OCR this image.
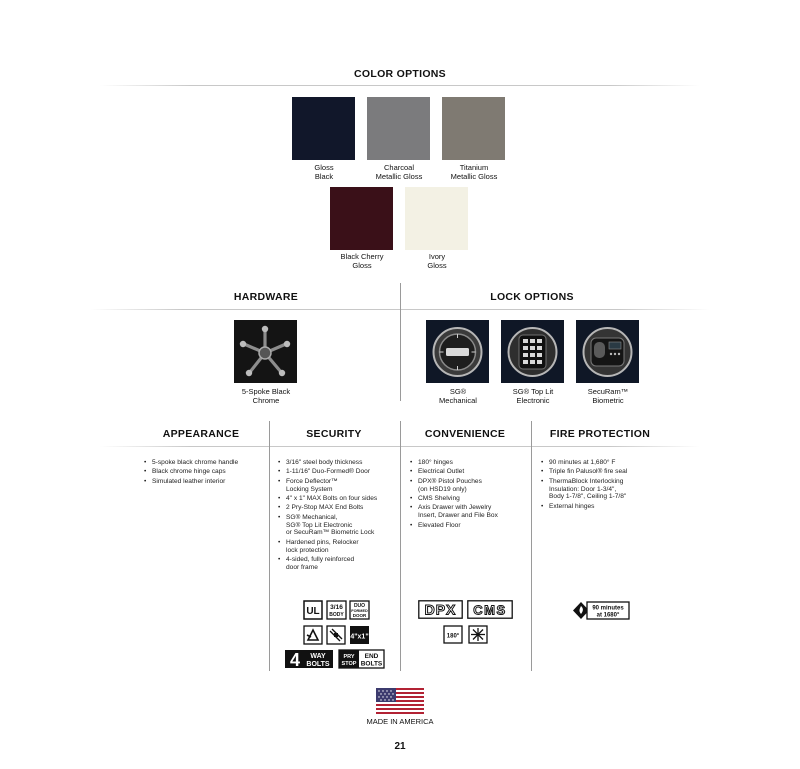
COLOR OPTIONS
Gloss
Black
Charcoal
Metallic Gloss
Titanium
Metallic Gloss
Black Cherry
Gloss
Ivory
Gloss
HARDWARE	LOCK OPTIONS
5-Spoke Black
Chrome
SG®
Mechanical
SG® Top Lit
Electronic
SecuRam™
Biometric
APPEARANCE	SECURITY	CONVENIENCE	FIRE PROTECTION
• 5-spoke black chrome handle
• Black chrome hinge caps
• Simulated leather interior
• 3/16" steel body thickness
• 1-11/16" Duo-Formed® Door
• Force Deflector™
Locking System
• 4" x 1" MAX Bolts on four sides
• 2 Pry-Stop MAX End Bolts
• SG® Mechanical,
SG® Top Lit Electronic
or SecuRam™ Biometric Lock
• Hardened pins, Relocker
lock protection
• 4-sided, fully reinforced
door frame
• 180° hinges
• Electrical Outlet
• DPX® Pistol Pouches
(on HSD19 only)
• CMS Shelving
• Axis Drawer with Jewelry
Insert, Drawer and File Box
• Elevated Floor
• 90 minutes at 1,680° F
• Triple fin Palusol® fire seal
• ThermaBlock Interlocking
Insulation: Door 1-3/4",
Body 1-7/8", Ceiling 1-7/8"
• External hinges
UL 3/16
BODY
DUO
FORMED
DOOR
4"x1"
4 WAY
BOLTS
PRY
STOP
END
BOLTS
DPX CMS
180°
90 minutes
at 1680°
MADE IN AMERICA
21
